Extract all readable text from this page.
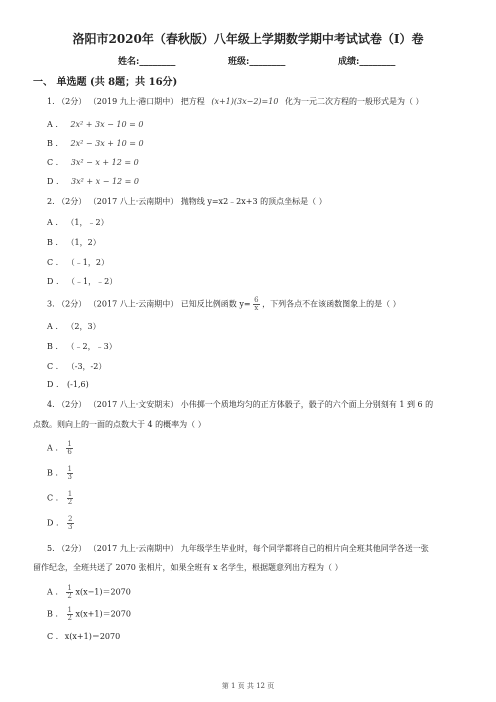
洛阳市2020年（春秋版）八年级上学期数学期中考试试卷（I）卷
姓名:________	班级:________	成绩:________
一、 单选题 (共 8题；共 16分)
1. （2分） （2019 九上·港口期中） 把方程 (x+1)(3x−2)=10 化为一元二次方程的一般形式是为（ ）
A . 2x² + 3x − 10 = 0
B . 2x² − 3x + 10 = 0
C . 3x² − x + 12 = 0
D . 3x² + x − 12 = 0
2. （2分） （2017 八上·云南期中） 抛物线 y=x2﹣2x+3 的顶点坐标是（ ）
A . （1，﹣2）
B . （1，2）
C . （﹣1，2）
D . （﹣1，﹣2）
3. （2分） （2017 八上·云南期中） 已知反比例函数 $y= \frac{6}{x}$ ，下列各点不在该函数图象上的是（ ）
A . （2，3）
B . （﹣2，﹣3）
C . （-3，-2）
D . (-1,6)
4. （2分） （2017 八上·文安期末） 小伟掷一个质地均匀的正方体骰子，骰子的六个面上分别刻有 1 到 6 的
点数。则向上的一面的点数大于 4 的概率为（ ）
A . $\frac{1}{6}$
B . $\frac{1}{3}$
C . $\frac{1}{2}$
D . $\frac{2}{3}$
5. （2分） （2017 九上·云南期中） 九年级学生毕业时，每个同学都将自己的相片向全班其他同学各送一张
留作纪念，全班共送了 2070 张相片，如果全班有 x 名学生，根据题意列出方程为（ ）
A . $\frac{1}{2} x(x-1)=2070$
B . $\frac{1}{2} x(x+1)=2070$
C . x(x+1)＝2070
第 1 页 共 12 页
